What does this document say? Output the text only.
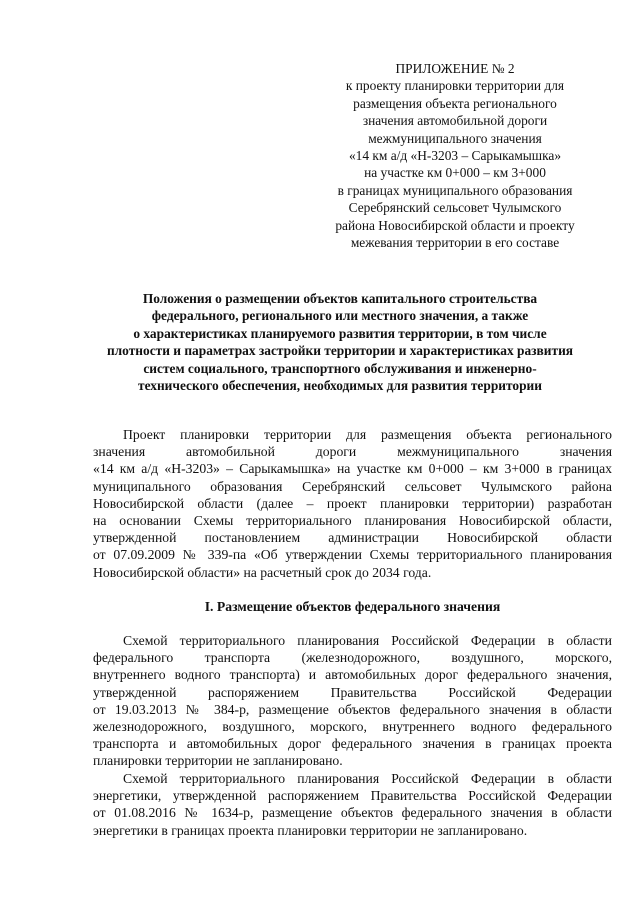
ПРИЛОЖЕНИЕ № 2
к проекту планировки территории для
размещения объекта регионального
значения автомобильной дороги
межмуниципального значения
«14 км а/д «Н-3203 – Сарыкамышка»
на участке км 0+000 – км 3+000
в границах муниципального образования
Серебрянский сельсовет Чулымского
района Новосибирской области и проекту
межевания территории в его составе
Положения о размещении объектов капитального строительства
федерального, регионального или местного значения, а также
о характеристиках планируемого развития территории, в том числе
плотности и параметрах застройки территории и характеристиках развития
систем социального, транспортного обслуживания и инженерно-
технического обеспечения, необходимых для развития территории
Проект планировки территории для размещения объекта регионального
значения автомобильной дороги межмуниципального значения
«14 км а/д «Н-3203» – Сарыкамышка» на участке км 0+000 – км 3+000 в границах
муниципального образования Серебрянский сельсовет Чулымского района
Новосибирской области (далее – проект планировки территории) разработан
на основании Схемы территориального планирования Новосибирской области,
утвержденной постановлением администрации Новосибирской области
от 07.09.2009 № 339-па «Об утверждении Схемы территориального планирования
Новосибирской области» на расчетный срок до 2034 года.
I. Размещение объектов федерального значения
Схемой территориального планирования Российской Федерации в области
федерального транспорта (железнодорожного, воздушного, морского,
внутреннего водного транспорта) и автомобильных дорог федерального значения,
утвержденной распоряжением Правительства Российской Федерации
от 19.03.2013 № 384-р, размещение объектов федерального значения в области
железнодорожного, воздушного, морского, внутреннего водного федерального
транспорта и автомобильных дорог федерального значения в границах проекта
планировки территории не запланировано.
Схемой территориального планирования Российской Федерации в области
энергетики, утвержденной распоряжением Правительства Российской Федерации
от 01.08.2016 № 1634-р, размещение объектов федерального значения в области
энергетики в границах проекта планировки территории не запланировано.
